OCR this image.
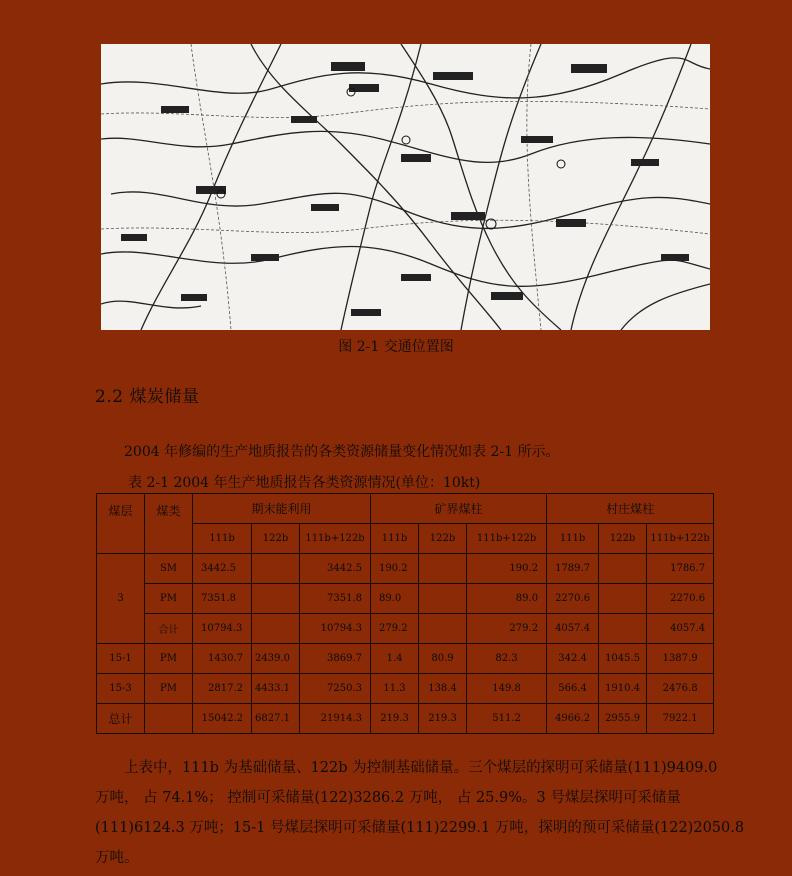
图 2-1 交通位置图
2.2 煤炭储量
2004 年修编的生产地质报告的各类资源储量变化情况如表 2-1 所示。
表 2-1 2004 年生产地质报告各类资源情况(单位：10kt)
煤层	煤类	期末能利用			矿界煤柱			村庄煤柱		
		111b	122b	111b+122b	111b	122b	111b+122b	111b	122b	111b+122b
3	SM	3442.5		3442.5	190.2		190.2	1789.7		1786.7
	PM	7351.8		7351.8	89.0		89.0	2270.6		2270.6
	合计	10794.3		10794.3	279.2		279.2	4057.4		4057.4
15-1	PM	1430.7	2439.0	3869.7	1.4	80.9	82.3	342.4	1045.5	1387.9
15-3	PM	2817.2	4433.1	7250.3	11.3	138.4	149.8	566.4	1910.4	2476.8
总计		15042.2	6827.1	21914.3	219.3	219.3	511.2	4966.2	2955.9	7922.1
上表中，111b 为基础储量、122b 为控制基础储量。三个煤层的探明可采储量(111)9409.0
万吨， 占 74.1%； 控制可采储量(122)3286.2 万吨， 占 25.9%。3 号煤层探明可采储量
(111)6124.3 万吨；15-1 号煤层探明可采储量(111)2299.1 万吨，探明的预可采储量(122)2050.8
万吨。
